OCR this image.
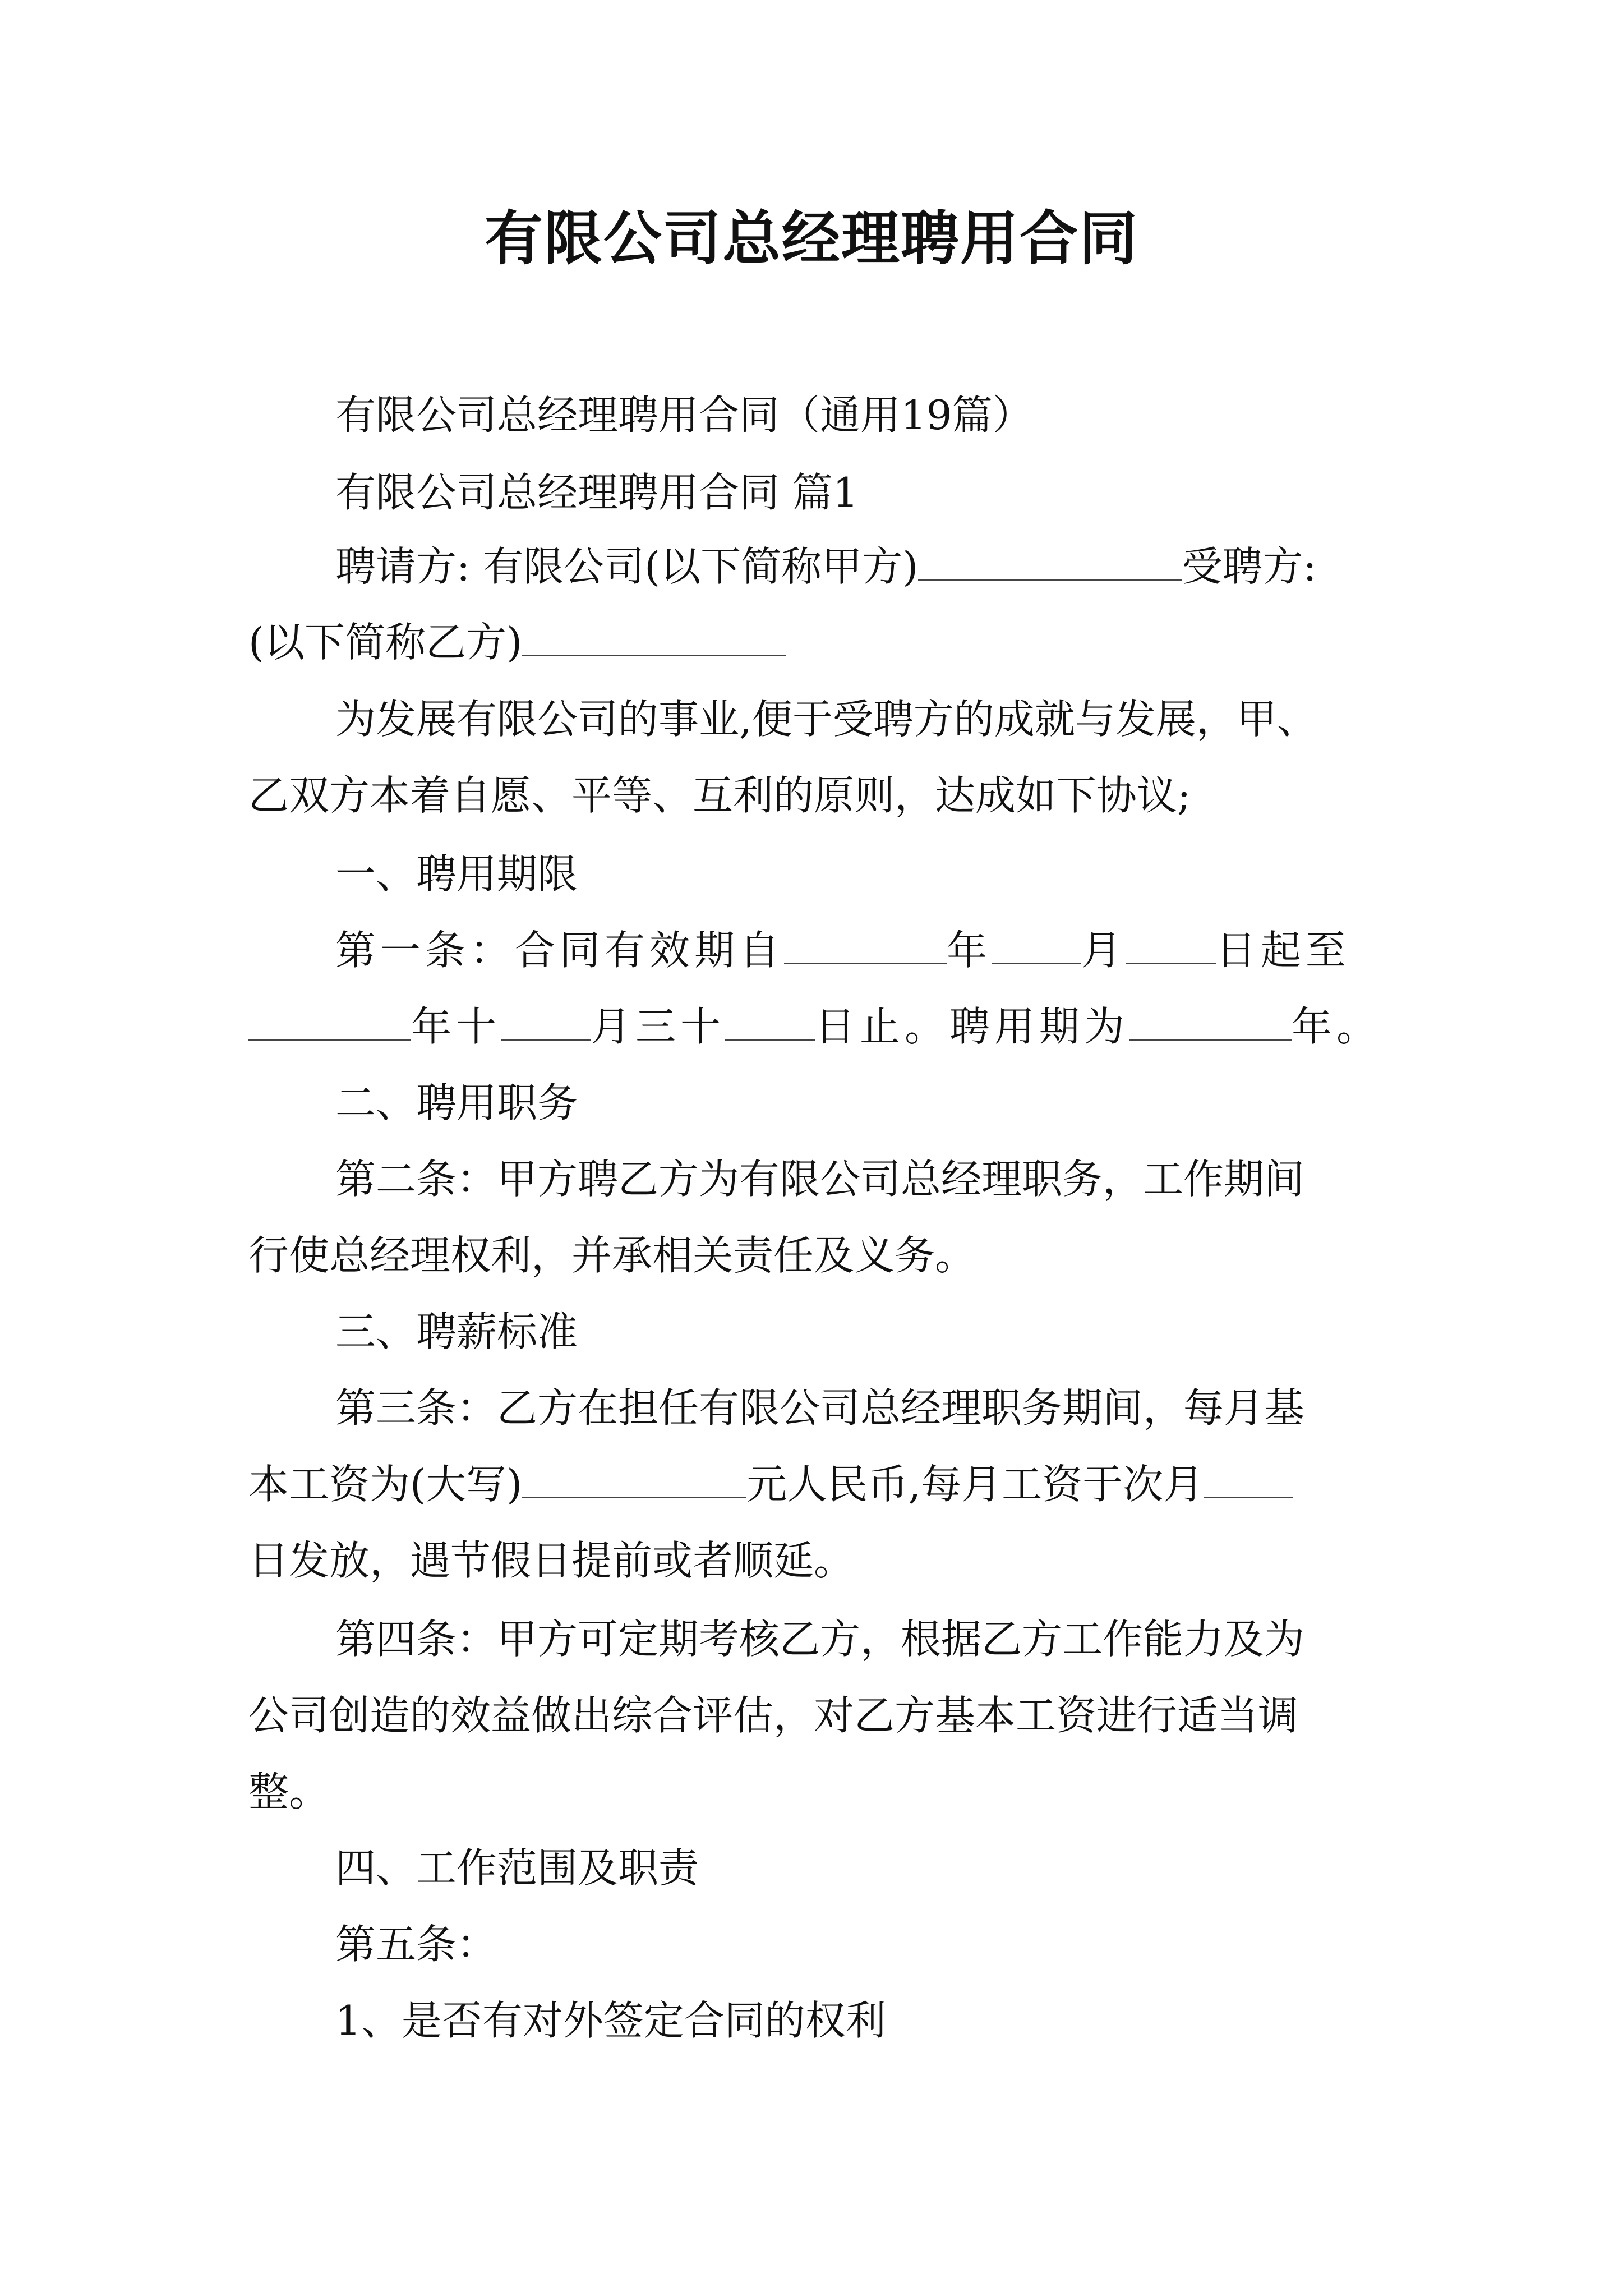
有限公司总经理聘用合同
有限公司总经理聘用合同（通用19篇）
有限公司总经理聘用合同 篇1
聘请方: 有限公司(以下简称甲方)	受聘方:
(以下简称乙方)
为发展有限公司的事业,便于受聘方的成就与发展，甲、
乙双方本着自愿、平等、互利的原则，达成如下协议;
一、聘用期限
第一条：合同有效期自	年 月 日起至
年十 月三十 日止。聘用期为	年。
二、聘用职务
第二条：甲方聘乙方为有限公司总经理职务，工作期间
行使总经理权利，并承相关责任及义务。
三、聘薪标准
第三条：乙方在担任有限公司总经理职务期间，每月基
本工资为(大写)	元人民币,每月工资于次月
日发放，遇节假日提前或者顺延。
第四条：甲方可定期考核乙方，根据乙方工作能力及为
公司创造的效益做出综合评估，对乙方基本工资进行适当调
整。
四、工作范围及职责
第五条：
1、是否有对外签定合同的权利
